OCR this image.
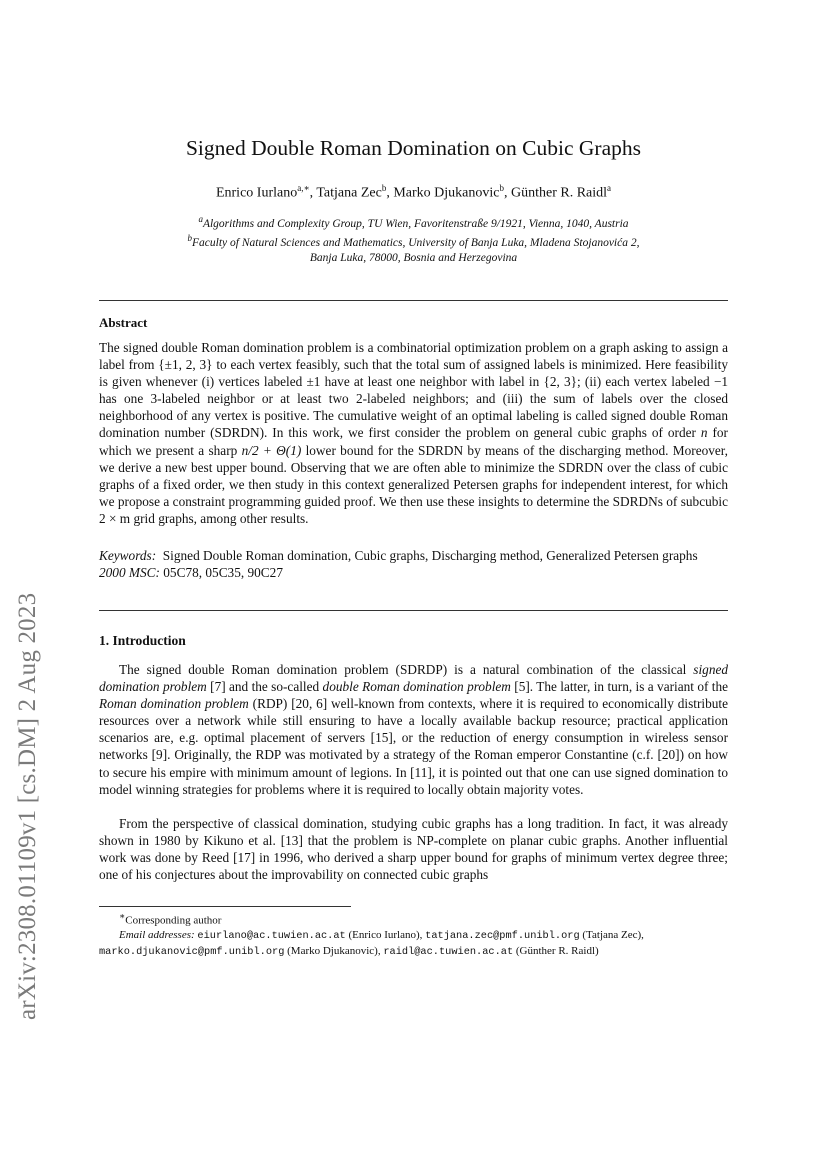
arXiv:2308.01109v1 [cs.DM] 2 Aug 2023
Signed Double Roman Domination on Cubic Graphs
Enrico Iurlano$^{a,∗}$, Tatjana Zec$^b$, Marko Djukanovic$^b$, Günther R. Raidl$^a$
$^a$Algorithms and Complexity Group, TU Wien, Favoritenstraße 9/1921, Vienna, 1040, Austria
$^b$Faculty of Natural Sciences and Mathematics, University of Banja Luka, Mladena Stojanovića 2,
Banja Luka, 78000, Bosnia and Herzegovina
Abstract
The signed double Roman domination problem is a combinatorial optimization problem on a graph asking to assign a label from {±1, 2, 3} to each vertex feasibly, such that the total sum of assigned labels is minimized. Here feasibility is given whenever (i) vertices labeled ±1 have at least one neighbor with label in {2, 3}; (ii) each vertex labeled −1 has one 3-labeled neighbor or at least two 2-labeled neighbors; and (iii) the sum of labels over the closed neighborhood of any vertex is positive. The cumulative weight of an optimal labeling is called signed double Roman domination number (SDRDN). In this work, we first consider the problem on general cubic graphs of order n for which we present a sharp n/2 + Θ(1) lower bound for the SDRDN by means of the discharging method. Moreover, we derive a new best upper bound. Observing that we are often able to minimize the SDRDN over the class of cubic graphs of a fixed order, we then study in this context generalized Petersen graphs for independent interest, for which we propose a constraint programming guided proof. We then use these insights to determine the SDRDNs of subcubic 2 × m grid graphs, among other results.
Keywords: Signed Double Roman domination, Cubic graphs, Discharging method, Generalized Petersen graphs
2000 MSC: 05C78, 05C35, 90C27
1. Introduction
The signed double Roman domination problem (SDRDP) is a natural combination of the classical signed domination problem [7] and the so-called double Roman domination problem [5]. The latter, in turn, is a variant of the Roman domination problem (RDP) [20, 6] well-known from contexts, where it is required to economically distribute resources over a network while still ensuring to have a locally available backup resource; practical application scenarios are, e.g. optimal placement of servers [15], or the reduction of energy consumption in wireless sensor networks [9]. Originally, the RDP was motivated by a strategy of the Roman emperor Constantine (c.f. [20]) on how to secure his empire with minimum amount of legions. In [11], it is pointed out that one can use signed domination to model winning strategies for problems where it is required to locally obtain majority votes.
From the perspective of classical domination, studying cubic graphs has a long tradition. In fact, it was already shown in 1980 by Kikuno et al. [13] that the problem is NP-complete on planar cubic graphs. Another influential work was done by Reed [17] in 1996, who derived a sharp upper bound for graphs of minimum vertex degree three; one of his conjectures about the improvability on connected cubic graphs
∗Corresponding author
Email addresses: eiurlano@ac.tuwien.ac.at (Enrico Iurlano), tatjana.zec@pmf.unibl.org (Tatjana Zec),
marko.djukanovic@pmf.unibl.org (Marko Djukanovic), raidl@ac.tuwien.ac.at (Günther R. Raidl)
